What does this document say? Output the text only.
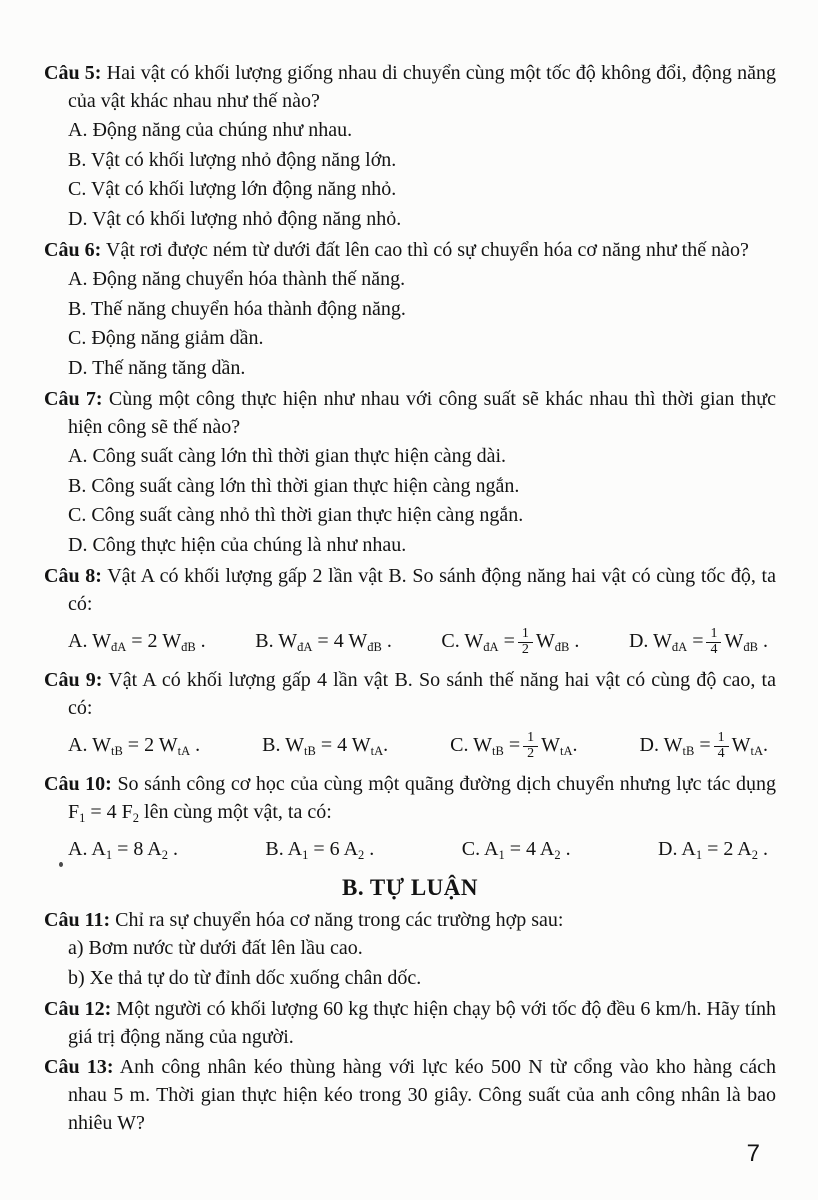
Câu 5: Hai vật có khối lượng giống nhau di chuyển cùng một tốc độ không đổi, động năng của vật khác nhau như thế nào?

A. Động năng của chúng như nhau.
B. Vật có khối lượng nhỏ động năng lớn.
C. Vật có khối lượng lớn động năng nhỏ.
D. Vật có khối lượng nhỏ động năng nhỏ.

Câu 6: Vật rơi được ném từ dưới đất lên cao thì có sự chuyển hóa cơ năng như thế nào?

A. Động năng chuyển hóa thành thế năng.
B. Thế năng chuyển hóa thành động năng.
C. Động năng giảm dần.
D. Thế năng tăng dần.

Câu 7: Cùng một công thực hiện như nhau với công suất sẽ khác nhau thì thời gian thực hiện công sẽ thế nào?

A. Công suất càng lớn thì thời gian thực hiện càng dài.
B. Công suất càng lớn thì thời gian thực hiện càng ngắn.
C. Công suất càng nhỏ thì thời gian thực hiện càng ngắn.
D. Công thực hiện của chúng là như nhau.

Câu 8: Vật A có khối lượng gấp 2 lần vật B. So sánh động năng hai vật có cùng tốc độ, ta có:

A. $W_{đA} = 2$ $W_{đB}$ . B. $W_{đA} = 4$ $W_{đB}$ . C. $W_{đA} = \frac{1}{2} W_{đB}$ . D. $W_{đA} = \frac{1}{4} W_{đB}$ .

Câu 9: Vật A có khối lượng gấp 4 lần vật B. So sánh thế năng hai vật có cùng độ cao, ta có:

A. $W_{tB} = 2$ $W_{tA}$ .	B. $W_{tB} = 4$ $W_{tA}$.	C. $W_{tB} = \frac{1}{2} W_{tA}$.	D. $W_{tB} = \frac{1}{4} W_{tA}$.

Câu 10: So sánh công cơ học của cùng một quãng đường dịch chuyển nhưng lực tác dụng $F_1 = 4$ $F_2$ lên cùng một vật, ta có:

A. $A_1 = 8$ $A_2$ .	B. $A_1 = 6$ $A_2$ .	C. $A_1 = 4$ $A_2$ .	D. $A_1 = 2$ $A_2$ .
B. TỰ LUẬN

Câu 11: Chỉ ra sự chuyển hóa cơ năng trong các trường hợp sau:

a) Bơm nước từ dưới đất lên lầu cao.
b) Xe thả tự do từ đỉnh dốc xuống chân dốc.

Câu 12: Một người có khối lượng 60 kg thực hiện chạy bộ với tốc độ đều 6 km/h. Hãy tính giá trị động năng của người.

Câu 13: Anh công nhân kéo thùng hàng với lực kéo 500 N từ cổng vào kho hàng cách nhau 5 m. Thời gian thực hiện kéo trong 30 giây. Công suất của anh công nhân là bao nhiêu W?

7
